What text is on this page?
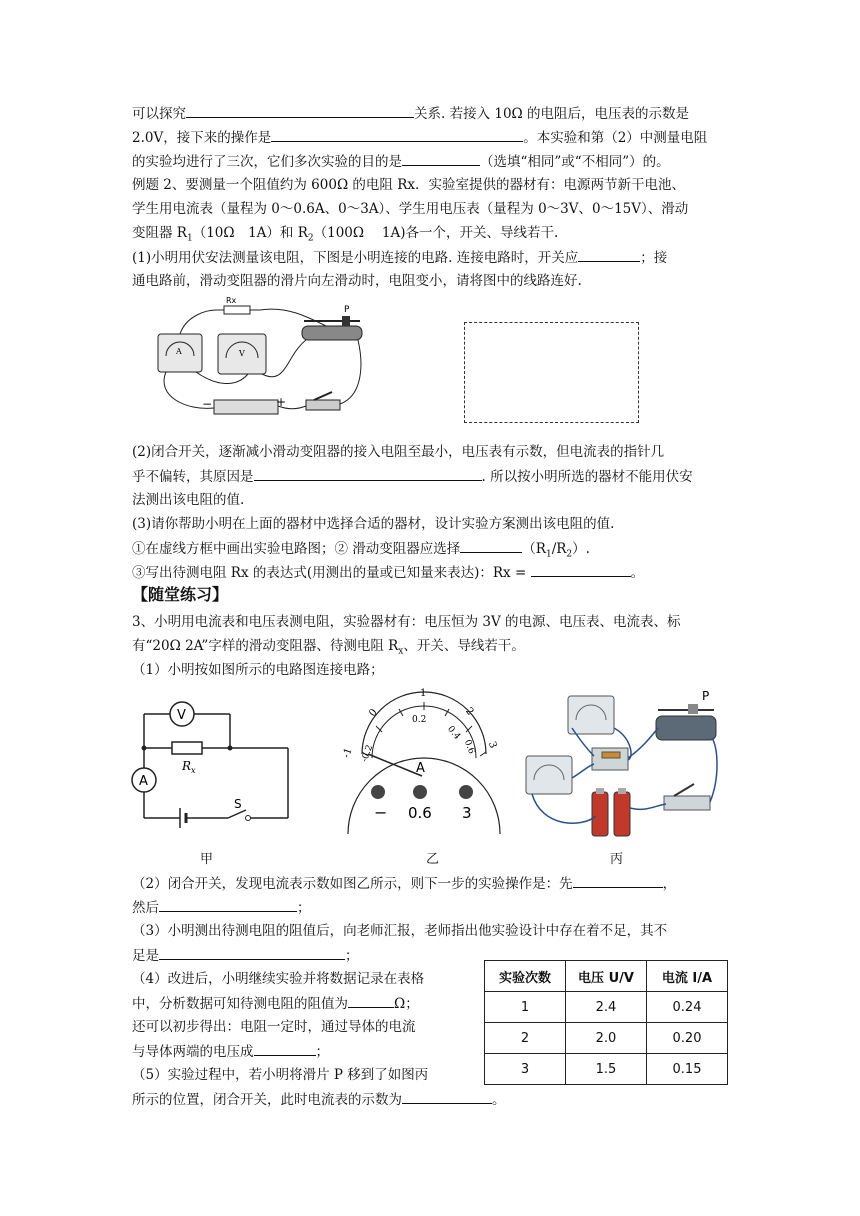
可以探究	关系. 若接入 10Ω 的电阻后，电压表的示数是
2.0V，接下来的操作是	。本实验和第（2）中测量电阻
的实验均进行了三次，它们多次实验的目的是	（选填“相同”或“不相同”）的。
例题 2、要测量一个阻值约为 600Ω 的电阻 Rx．实验室提供的器材有：电源两节新干电池、
学生用电流表（量程为 0～0.6A、0～3A）、学生用电压表（量程为 0～3V、0～15V）、滑动
变阻器 $R_1(10\Omega$　1A）和 $R_2(100\Omega$　 1A)各一个，开关、导线若干.
(1)小明用伏安法测量该电阻，下图是小明连接的电路. 连接电路时，开关应	；接
通电路前，滑动变阻器的滑片向左滑动时，电阻变小，请将图中的线路连好.
Rx
A	V
P
−	+
(2)闭合开关，逐渐减小滑动变阻器的接入电阻至最小，电压表有示数，但电流表的指针几
乎不偏转，其原因是	. 所以按小明所选的器材不能用伏安
法测出该电阻的值.
(3)请你帮助小明在上面的器材中选择合适的器材，设计实验方案测出该电阻的值.
①在虚线方框中画出实验电路图；② 滑动变阻器应选择	$(R_1/R_2)$.
③写出待测电阻 Rx 的表达式(用测出的量或已知量来表达)：Rx =	。
【随堂练习】
3、小明用电流表和电压表测电阻，实验器材有：电压恒为 3V 的电源、电压表、电流表、标
有“20Ω 2A”字样的滑动变阻器、待测电阻 $R_x$、开关、导线若干。
（1）小明按如图所示的电路图连接电路；
V
$R_x$
A
S
甲
1
0
0.2
2
0.4
-1 -0.2	0.6 3
A
− 0.6 3
乙
P
丙
（2）闭合开关，发现电流表示数如图乙所示，则下一步的实验操作是：先	，
然后	；
（3）小明测出待测电阻的阻值后，向老师汇报，老师指出他实验设计中存在着不足，其不
足是	；
（4）改进后，小明继续实验并将数据记录在表格
中，分析数据可知待测电阻的阻值为	Ω；
还可以初步得出：电阻一定时，通过导体的电流
与导体两端的电压成	；
（5）实验过程中，若小明将滑片 P 移到了如图丙
所示的位置，闭合开关，此时电流表的示数为	。
实验次数	电压 U/V	电流 I/A
1	2.4	0.24
2	2.0	0.20
3	1.5	0.15
